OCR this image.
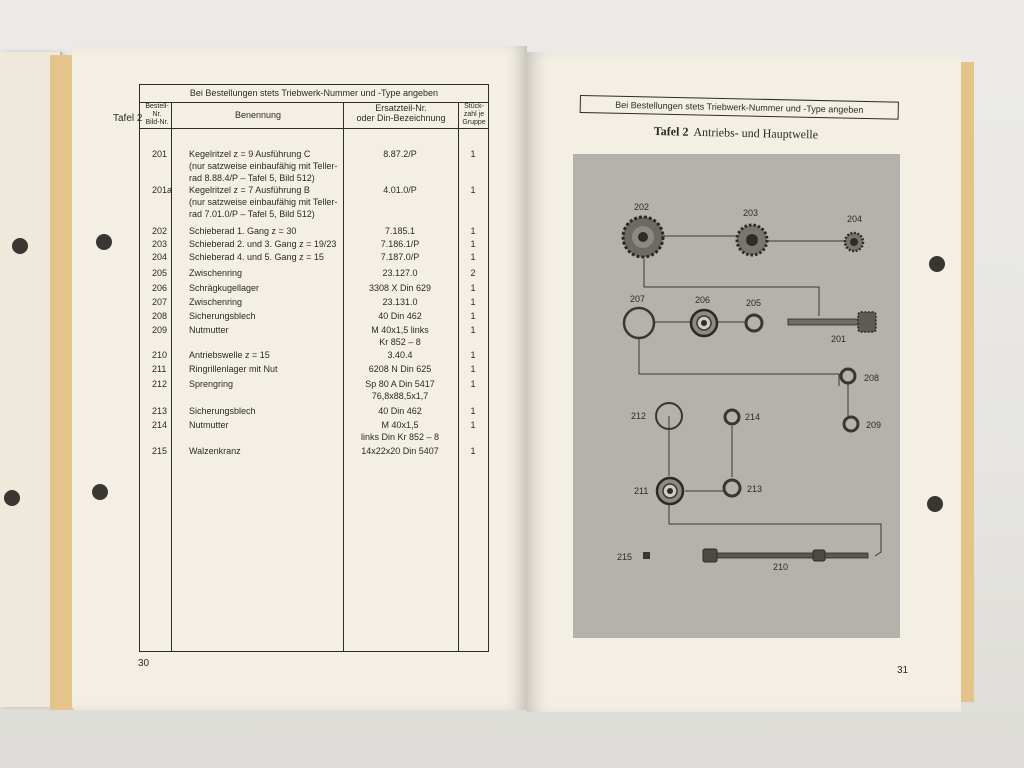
Tafel 2
Bei Bestellungen stets Triebwerk-Nummer und -Type angeben
Bestell-
Nr.
Bild-Nr.
Benennung
Ersatzteil-Nr.
oder Din-Bezeichnung
Stück-
zahl je
Gruppe
201	Kegelritzel z = 9 Ausführung C
(nur satzweise einbaufähig mit Teller-
rad 8.88.4/P – Tafel 5, Bild 512)
8.87.2/P	1
201a	Kegelritzel z = 7 Ausführung B
(nur satzweise einbaufähig mit Teller-
rad 7.01.0/P – Tafel 5, Bild 512)
4.01.0/P	1
202	Schieberad 1. Gang z = 30	7.185.1	1
203	Schieberad 2. und 3. Gang z = 19/23	7.186.1/P	1
204	Schieberad 4. und 5. Gang z = 15	7.187.0/P	1
205	Zwischenring	23.127.0	2
206	Schrägkugellager	3308 X Din 629	1
207	Zwischenring	23.131.0	1
208	Sicherungsblech	40 Din 462	1
209	Nutmutter	M 40x1,5 links
Kr 852 – 8
1
210	Antriebswelle z = 15	3.40.4	1
211	Ringrillenlager mit Nut	6208 N Din 625	1
212	Sprengring	Sp 80 A Din 5417
76,8x88,5x1,7
1
213	Sicherungsblech	40 Din 462	1
214	Nutmutter	M 40x1,5
links Din Kr 852 – 8
1
215	Walzenkranz	14x22x20 Din 5407	1
30
Bei Bestellungen stets Triebwerk-Nummer und -Type angeben
Tafel 2 Antriebs- und Hauptwelle
202
203
204
207	206	205
201
208
209
212	214
211	213
215
210
31
